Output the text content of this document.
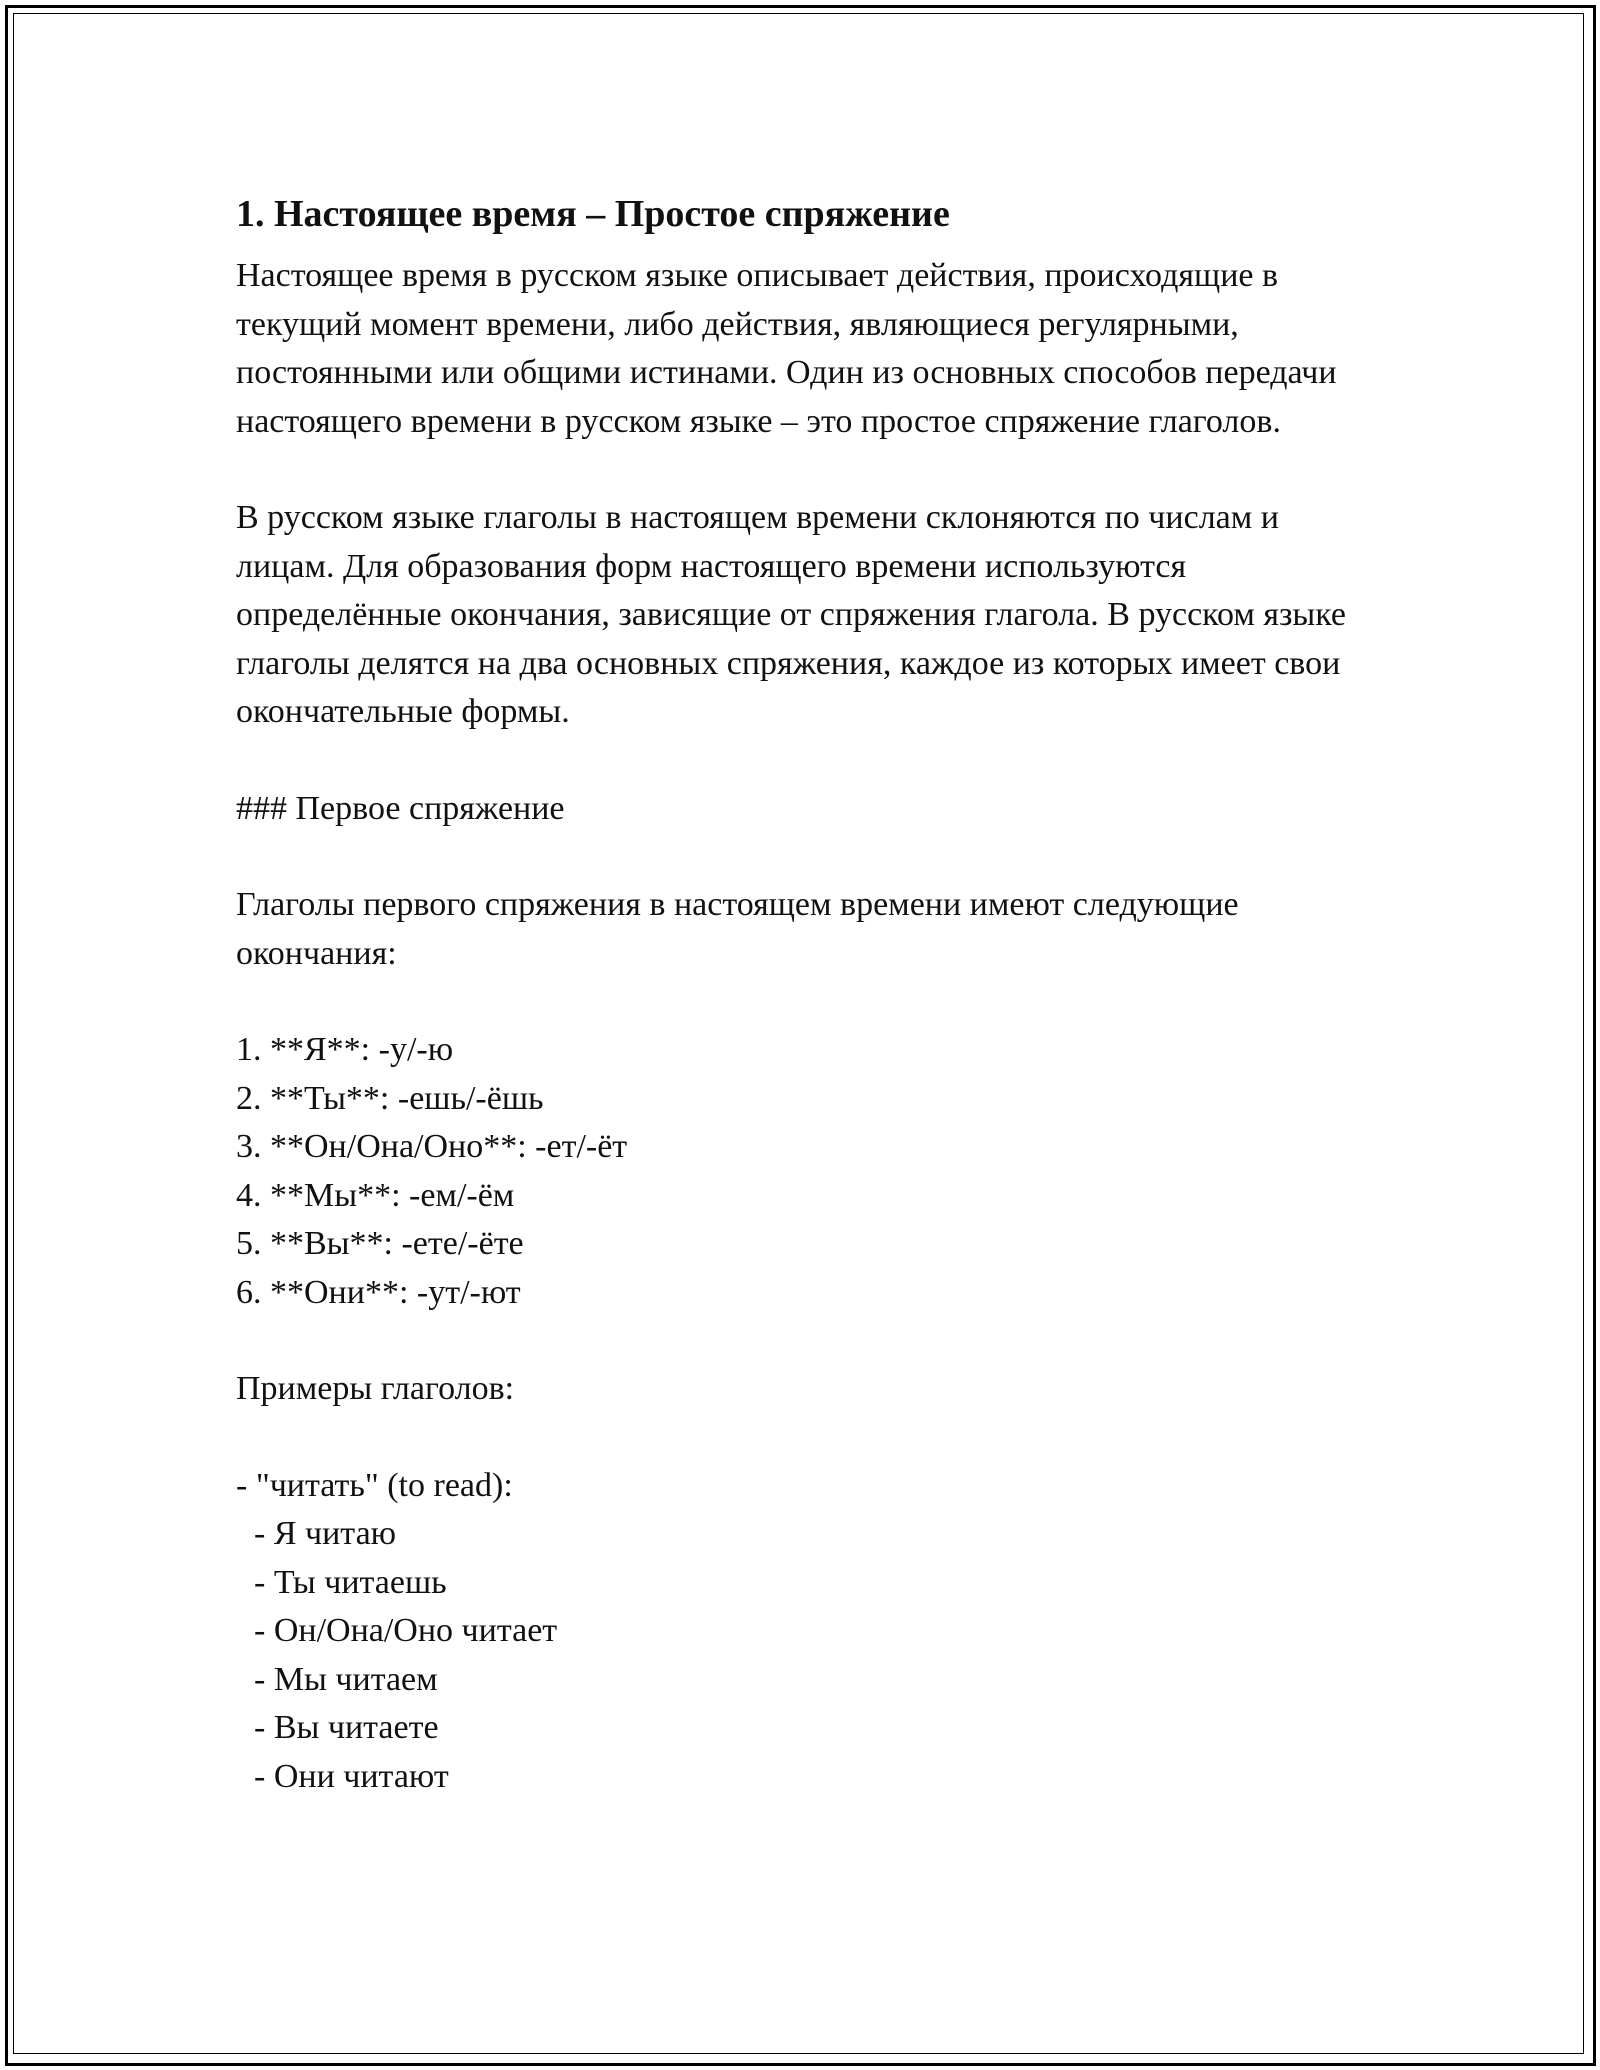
1. Настоящее время – Простое спряжение

Настоящее время в русском языке описывает действия, происходящие в текущий момент времени, либо действия, являющиеся регулярными, постоянными или общими истинами. Один из основных способов передачи настоящего времени в русском языке – это простое спряжение глаголов.

В русском языке глаголы в настоящем времени склоняются по числам и лицам. Для образования форм настоящего времени используются определённые окончания, зависящие от спряжения глагола. В русском языке глаголы делятся на два основных спряжения, каждое из которых имеет свои окончательные формы.

### Первое спряжение

Глаголы первого спряжения в настоящем времени имеют следующие окончания:

1. **Я**: -у/-ю
2. **Ты**: -ешь/-ёшь
3. **Он/Она/Оно**: -ет/-ёт
4. **Мы**: -ем/-ём
5. **Вы**: -ете/-ёте
6. **Они**: -ут/-ют

Примеры глаголов:

- "читать" (to read):
- Я читаю
- Ты читаешь
- Он/Она/Оно читает
- Мы читаем
- Вы читаете
- Они читают
